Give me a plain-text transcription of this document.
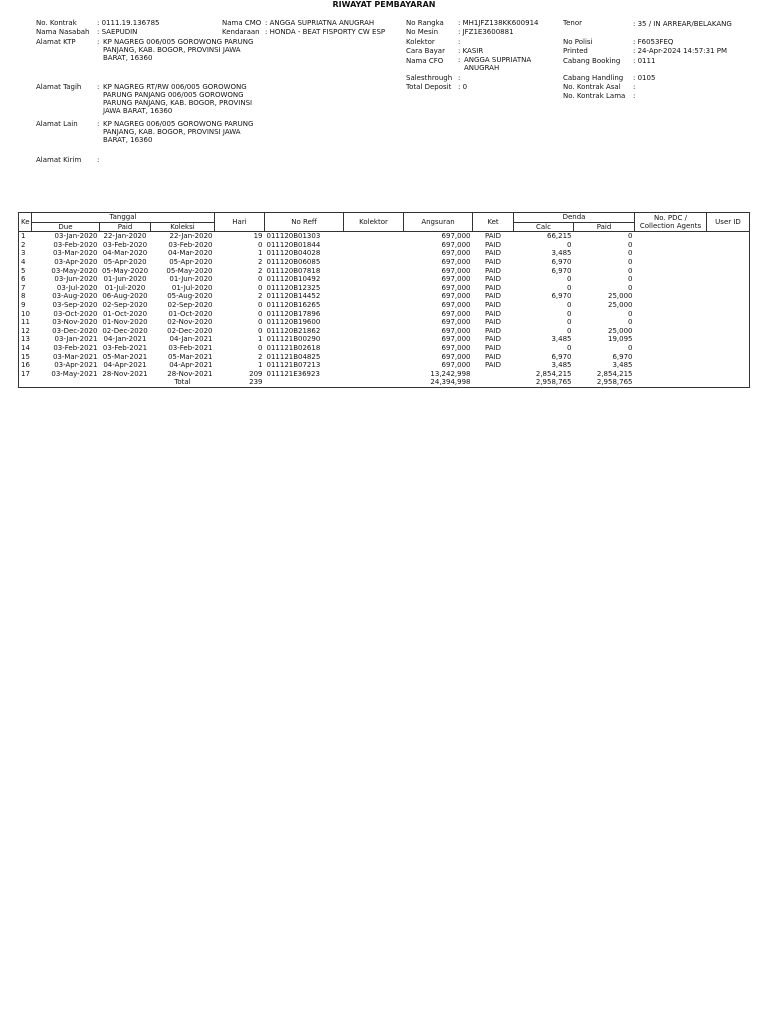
RIWAYAT PEMBAYARAN
No. Kontrak	: 0111.19.136785
Nama Nasabah : SAEPUDIN
Alamat KTP	: KP NAGREG 006/005 GOROWONG PARUNG PANJANG, KAB. BOGOR, PROVINSI JAWA BARAT, 16360
Alamat Tagih : KP NAGREG RT/RW 006/005 GOROWONG PARUNG PANJANG 006/005 GOROWONG PARUNG PANJANG, KAB. BOGOR, PROVINSI JAWA BARAT, 16360
Alamat Lain	: KP NAGREG 006/005 GOROWONG PARUNG PANJANG, KAB. BOGOR, PROVINSI JAWA BARAT, 16360
Alamat Kirim :
Nama CMO : ANGGA SUPRIATNA ANUGRAH
Kendaraan : HONDA - BEAT FISPORTY CW ESP
No Rangka : MH1JFZ138KK600914
No Mesin	: JFZ1E3600881
Kolektor	:
Cara Bayar : KASIR
Nama CFO : ANGGA SUPRIATNA ANUGRAH
Salesthrough :
Total Deposit : 0
Tenor	: 35 / IN ARREAR/BELAKANG
No Polisi	: F6053FEQ
Printed	: 24-Apr-2024 14:57:31 PM
Cabang Booking : 0111
Cabang Handling : 0105
No. Kontrak Asal :
No. Kontrak Lama :
Ke	Tanggal			Hari	No Reff	Kolektor	Angsuran	Ket	Denda		No. PDC / Collection Agents	User ID
	Due	Paid	Koleksi						Calc	Paid		
1	03-Jan-2020	22-Jan-2020	22-Jan-2020	19	011120B01303		697,000	PAID	66,215	0		
2	03-Feb-2020	03-Feb-2020	03-Feb-2020	0	011120B01844		697,000	PAID	0	0		
3	03-Mar-2020	04-Mar-2020	04-Mar-2020	1	011120B04028		697,000	PAID	3,485	0		
4	03-Apr-2020	05-Apr-2020	05-Apr-2020	2	011120B06085		697,000	PAID	6,970	0		
5	03-May-2020	05-May-2020	05-May-2020	2	011120B07818		697,000	PAID	6,970	0		
6	03-Jun-2020	01-Jun-2020	01-Jun-2020	0	011120B10492		697,000	PAID	0	0		
7	03-Jul-2020	01-Jul-2020	01-Jul-2020	0	011120B12325		697,000	PAID	0	0		
8	03-Aug-2020	06-Aug-2020	05-Aug-2020	2	011120B14452		697,000	PAID	6,970	25,000		
9	03-Sep-2020	02-Sep-2020	02-Sep-2020	0	011120B16265		697,000	PAID	0	25,000		
10	03-Oct-2020	01-Oct-2020	01-Oct-2020	0	011120B17896		697,000	PAID	0	0		
11	03-Nov-2020	01-Nov-2020	02-Nov-2020	0	011120B19600		697,000	PAID	0	0		
12	03-Dec-2020	02-Dec-2020	02-Dec-2020	0	011120B21862		697,000	PAID	0	25,000		
13	03-Jan-2021	04-Jan-2021	04-Jan-2021	1	011121B00290		697,000	PAID	3,485	19,095		
14	03-Feb-2021	03-Feb-2021	03-Feb-2021	0	011121B02618		697,000	PAID	0	0		
15	03-Mar-2021	05-Mar-2021	05-Mar-2021	2	011121B04825		697,000	PAID	6,970	6,970		
16	03-Apr-2021	04-Apr-2021	04-Apr-2021	1	011121B07213		697,000	PAID	3,485	3,485		
17	03-May-2021	28-Nov-2021	28-Nov-2021	209	011121E36923		13,242,998		2,854,215	2,854,215		
			Total	239			24,394,998		2,958,765	2,958,765		
